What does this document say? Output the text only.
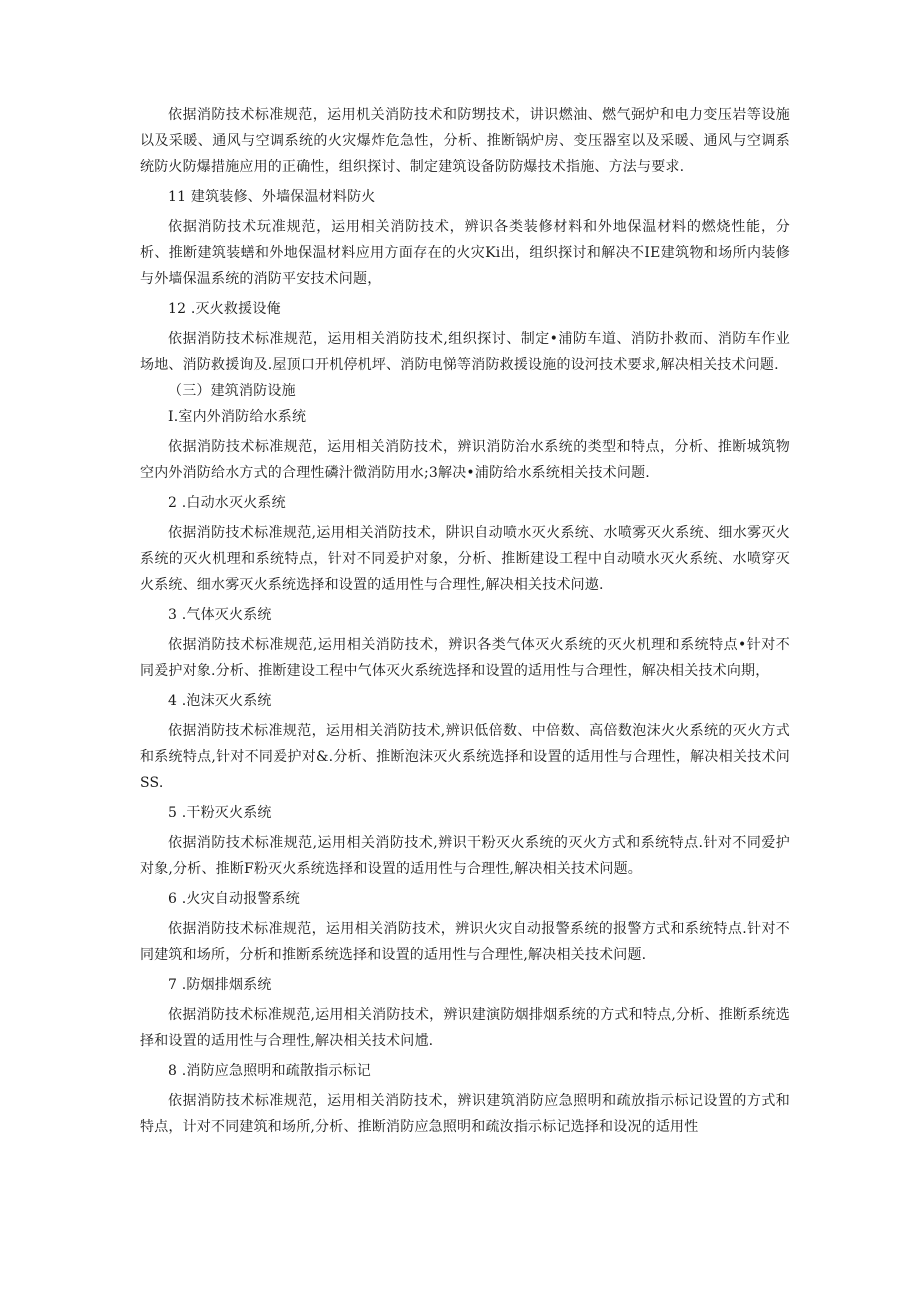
依据消防技术标准规范，运用机关消防技术和防甥技术，讲识燃油、燃气弼炉和电力变压岩等设施以及采暖、通风与空调系统的火灾爆炸危急性，分析、推断锅炉房、变压器室以及采暖、通风与空调系统防火防爆措施应用的正确性，组织探讨、制定建筑设备防防爆技术指施、方法与要求.

11 建筑装修、外墙保温材料防火

依据消防技术玩准规范，运用相关消防技术，辨识各类装修材料和外地保温材料的燃烧性能，分析、推断建筑装蟮和外地保温材料应用方面存在的火灾Ki出，组织探讨和解决不IE建筑物和场所内装修与外墙保温系统的消防平安技术问题，

12 .灭火救援设俺

依据消防技术标准规范，运用相关消防技术,组织探讨、制定•浦防车道、消防扑救而、消防车作业场地、消防救援询及.屋顶口开机停机坪、消防电悌等消防救援设施的设河技术要求,解决相关技术问题.

（三）建筑消防设施

I.室内外消防给水系统

依据消防技术标准规范，运用相关消防技术，辨识消防治水系统的类型和特点，分析、推断城筑物空内外消防给水方式的合理性磷汁微消防用水;3解决•浦防给水系统相关技术问题.

2 .白动水灭火系统

依据消防技术标准规范,运用相关消防技术，阱识自动喷水灭火系统、水喷雾灭火系统、细水雾灭火系统的灭火机理和系统特点，针对不同爰护对象，分析、推断建设工程中自动喷水灭火系统、水喷穿灭火系统、细水雾灭火系统选择和设置的适用性与合理性,解决相关技术问遨.

3 .气体灭火系统

依据消防技术标准规范,运用相关消防技术，辨识各类气体灭火系统的灭火机理和系统特点•针对不同爰护对象.分析、推断建设工程中气体灭火系统选择和设置的适用性与合理性，解决相关技术向期，

4 .泡沫灭火系统

依据消防技术标准规范，运用相关消防技术,辨识低倍数、中倍数、高倍数泡沫火火系统的灭火方式和系统特点,针对不同爰护对&.分析、推断泡沫灭火系统选择和设置的适用性与合理性，解决相关技术问SS.

5 .干粉灭火系统

依据消防技术标准规范,运用相关消防技术,辨识干粉灭火系统的灭火方式和系统特点.针对不同爱护对象,分析、推断F粉灭火系统选择和设置的适用性与合理性,解决相关技术问题。

6 .火灾自动报警系统

依据消防技术标准规范，运用相关消防技术，辨识火灾自动报警系统的报警方式和系统特点.针对不同建筑和场所，分析和推断系统选择和设置的适用性与合理性,解决相关技术问题.

7 .防烟排烟系统

依据消防技术标准规范,运用相关消防技术，辨识建演防烟排烟系统的方式和特点,分析、推断系统选择和设置的适用性与合理性,解决相关技术问尳.

8 .消防应急照明和疏散指示标记

依据消防技术标准规范，运用相关消防技术，辨识建筑消防应急照明和疏放指示标记设置的方式和特点，计对不同建筑和场所,分析、推断消防应急照明和疏汝指示标记选择和设况的适用性
